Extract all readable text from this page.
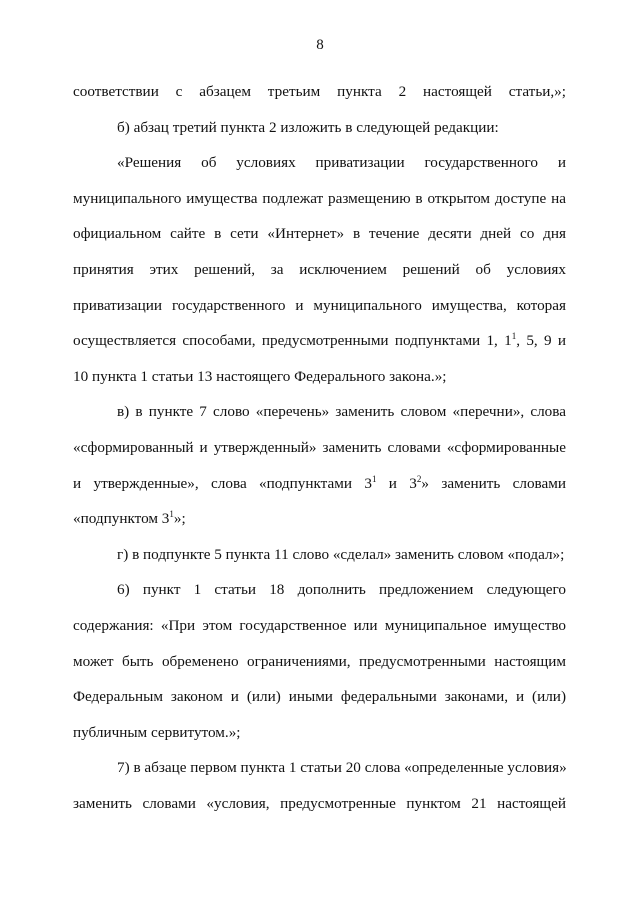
8
соответствии с абзацем третьим пункта 2 настоящей статьи,»;
б) абзац третий пункта 2 изложить в следующей редакции:
«Решения об условиях приватизации государственного и
муниципального имущества подлежат размещению в открытом доступе на
официальном сайте в сети «Интернет» в течение десяти дней со дня
принятия этих решений, за исключением решений об условиях
приватизации государственного и муниципального имущества, которая
осуществляется способами, предусмотренными подпунктами 1, $1^1$, 5, 9 и
10 пункта 1 статьи 13 настоящего Федерального закона.»;
в) в пункте 7 слово «перечень» заменить словом «перечни», слова
«сформированный и утвержденный» заменить словами «сформированные
и утвержденные», слова «подпунктами $3^1$ и $3^2$» заменить словами
«подпунктом $3^1$»;
г) в подпункте 5 пункта 11 слово «сделал» заменить словом «подал»;
6) пункт 1 статьи 18 дополнить предложением следующего
содержания: «При этом государственное или муниципальное имущество
может быть обременено ограничениями, предусмотренными настоящим
Федеральным законом и (или) иными федеральными законами, и (или)
публичным сервитутом.»;
7) в абзаце первом пункта 1 статьи 20 слова «определенные условия»
заменить словами «условия, предусмотренные пунктом 21 настоящей
